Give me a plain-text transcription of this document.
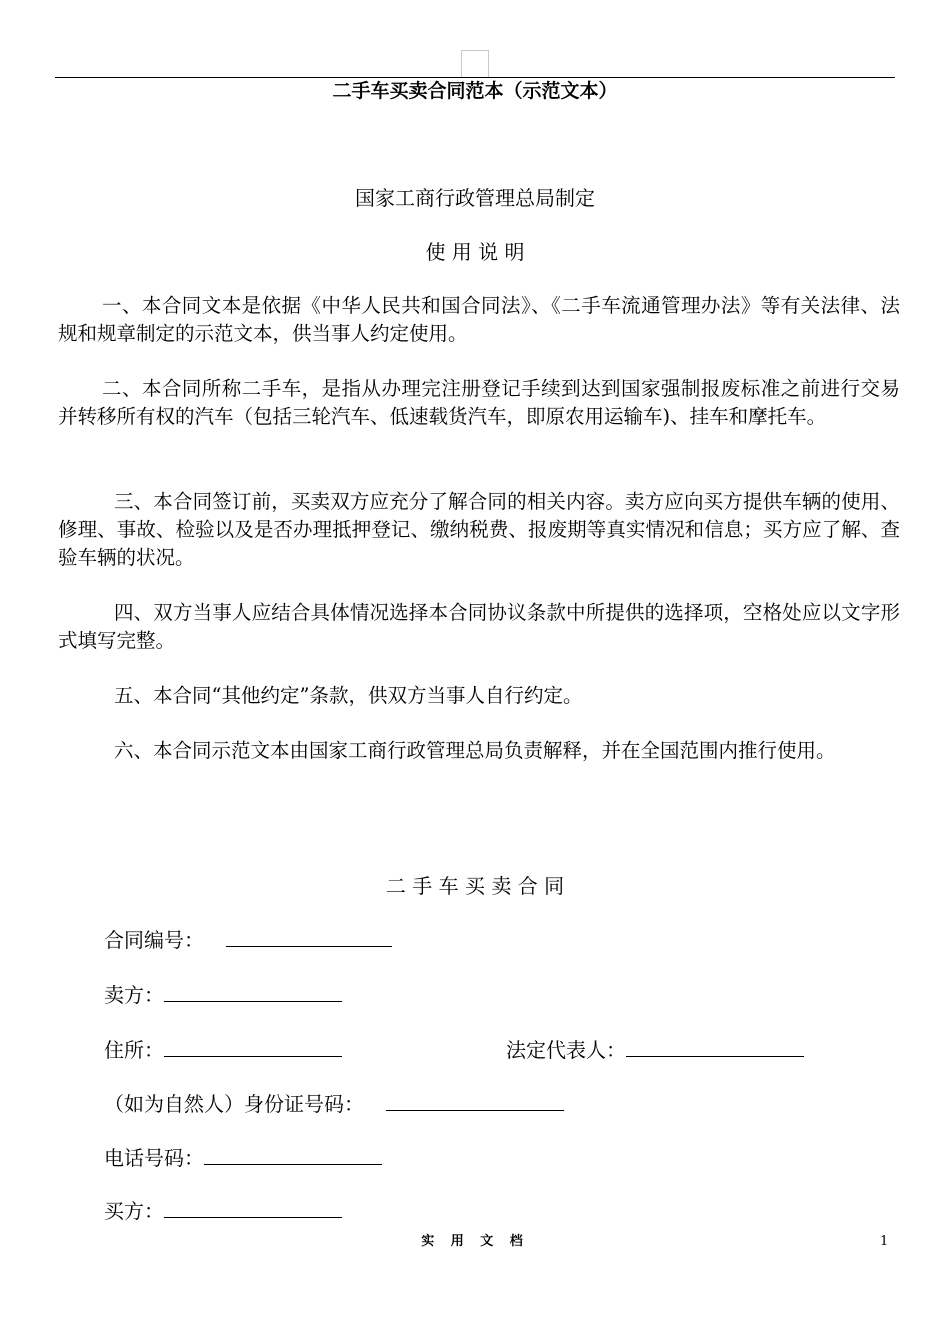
二手车买卖合同范本（示范文本）
国家工商行政管理总局制定
使 用 说 明
一、本合同文本是依据《中华人民共和国合同法》、《二手车流通管理办法》等有关法律、法规和规章制定的示范文本，供当事人约定使用。
二、本合同所称二手车，是指从办理完注册登记手续到达到国家强制报废标准之前进行交易并转移所有权的汽车（包括三轮汽车、低速载货汽车，即原农用运输车)、挂车和摩托车。
三、本合同签订前，买卖双方应充分了解合同的相关内容。卖方应向买方提供车辆的使用、修理、事故、检验以及是否办理抵押登记、缴纳税费、报废期等真实情况和信息；买方应了解、查验车辆的状况。
四、双方当事人应结合具体情况选择本合同协议条款中所提供的选择项，空格处应以文字形式填写完整。
五、本合同“其他约定”条款，供双方当事人自行约定。
六、本合同示范文本由国家工商行政管理总局负责解释，并在全国范围内推行使用。
二 手 车 买 卖 合 同
合同编号：
卖方：
住所：	法定代表人：
（如为自然人）身份证号码：
电话号码：
买方：
实 用 文 档	1
